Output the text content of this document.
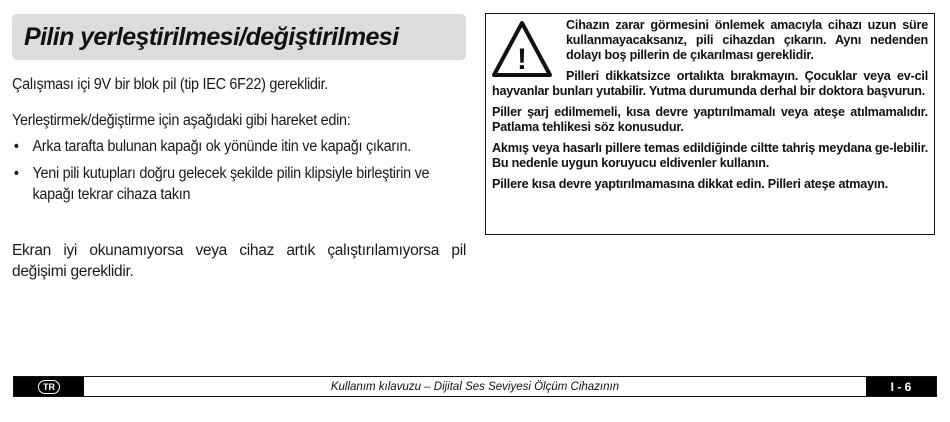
Pilin yerleştirilmesi/değiştirilmesi

Çalışması içi 9V bir blok pil (tip IEC 6F22) gereklidir.

Yerleştirmek/değiştirme için aşağıdaki gibi hareket edin:

• Arka tarafta bulunan kapağı ok yönünde itin ve kapağı çıkarın.
• Yeni pili kutupları doğru gelecek şekilde pilin klipsiyle birleştirin ve kapağı tekrar cihaza takın

Ekran iyi okunamıyorsa veya cihaz artık çalıştırılamıyorsa pil değişimi gereklidir.

!

Cihazın zarar görmesini önlemek amacıyla cihazı uzun süre kullanmayacaksanız, pili cihazdan çıkarın. Aynı nedenden dolayı boş pillerin de çıkarılması gereklidir.

Pilleri dikkatsizce ortalıkta bırakmayın. Çocuklar veya ev-cil hayvanlar bunları yutabilir. Yutma durumunda derhal bir doktora başvurun.

Piller şarj edilmemeli, kısa devre yaptırılmamalı veya ateşe atılmamalıdır. Patlama tehlikesi söz konusudur.

Akmış veya hasarlı pillere temas edildiğinde ciltte tahriş meydana ge-lebilir. Bu nedenle uygun koruyucu eldivenler kullanın.

Pillere kısa devre yaptırılmamasına dikkat edin. Pilleri ateşe atmayın.

TR	Kullanım kılavuzu – Dijital Ses Seviyesi Ölçüm Cihazının	I - 6
